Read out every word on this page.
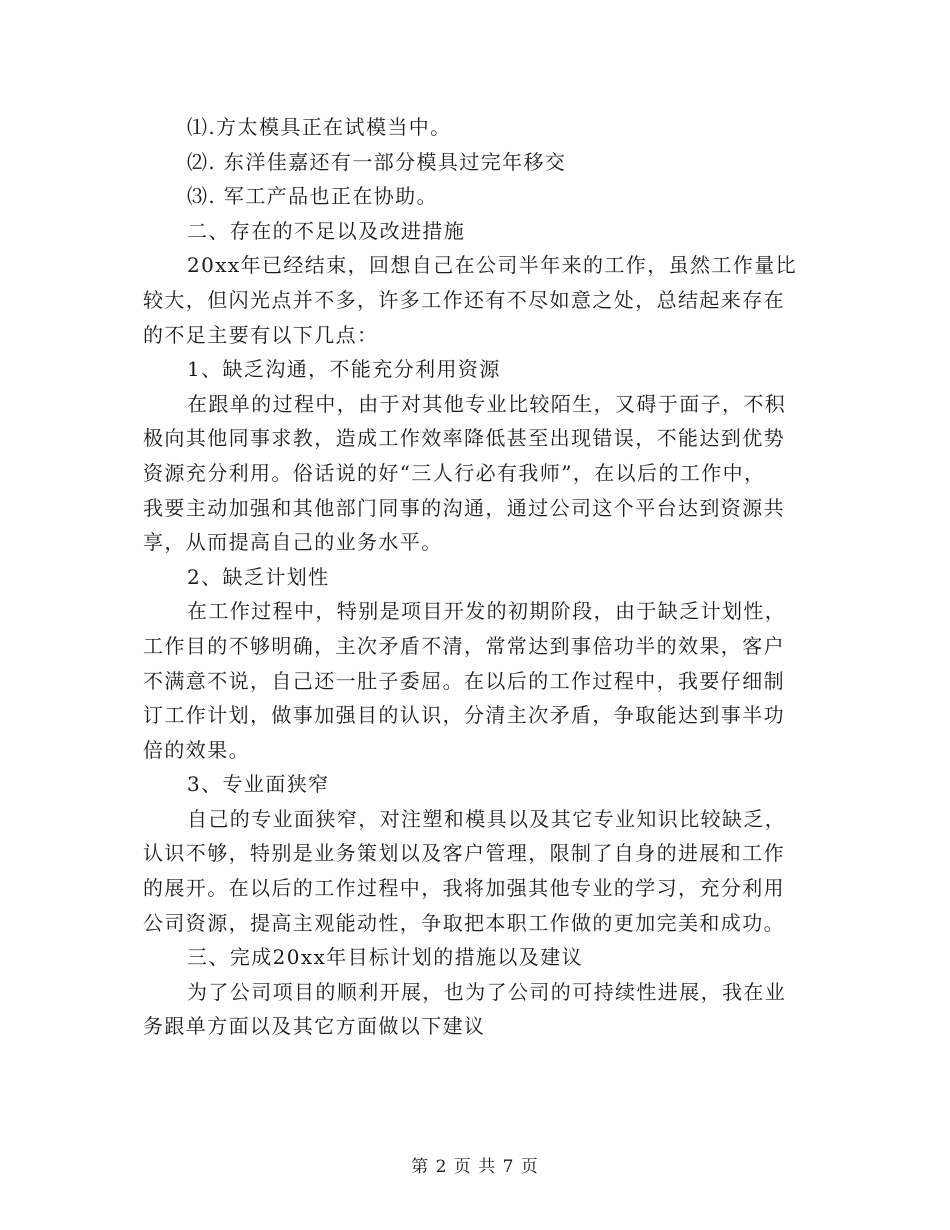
⑴.方太模具正在试模当中。
⑵. 东洋佳嘉还有一部分模具过完年移交
⑶. 军工产品也正在协助。
二、存在的不足以及改进措施
20xx年已经结束，回想自己在公司半年来的工作，虽然工作量比
较大，但闪光点并不多，许多工作还有不尽如意之处，总结起来存在
的不足主要有以下几点：
1、缺乏沟通，不能充分利用资源
在跟单的过程中，由于对其他专业比较陌生，又碍于面子，不积
极向其他同事求教，造成工作效率降低甚至出现错误，不能达到优势
资源充分利用。俗话说的好“三人行必有我师”，在以后的工作中，
我要主动加强和其他部门同事的沟通，通过公司这个平台达到资源共
享，从而提高自己的业务水平。
2、缺乏计划性
在工作过程中，特别是项目开发的初期阶段，由于缺乏计划性，
工作目的不够明确，主次矛盾不清，常常达到事倍功半的效果，客户
不满意不说，自己还一肚子委屈。在以后的工作过程中，我要仔细制
订工作计划，做事加强目的认识，分清主次矛盾，争取能达到事半功
倍的效果。
3、专业面狭窄
自己的专业面狭窄，对注塑和模具以及其它专业知识比较缺乏，
认识不够，特别是业务策划以及客户管理，限制了自身的进展和工作
的展开。在以后的工作过程中，我将加强其他专业的学习，充分利用
公司资源，提高主观能动性，争取把本职工作做的更加完美和成功。
三、完成20xx年目标计划的措施以及建议
为了公司项目的顺利开展，也为了公司的可持续性进展，我在业
务跟单方面以及其它方面做以下建议
第 2 页 共 7 页
